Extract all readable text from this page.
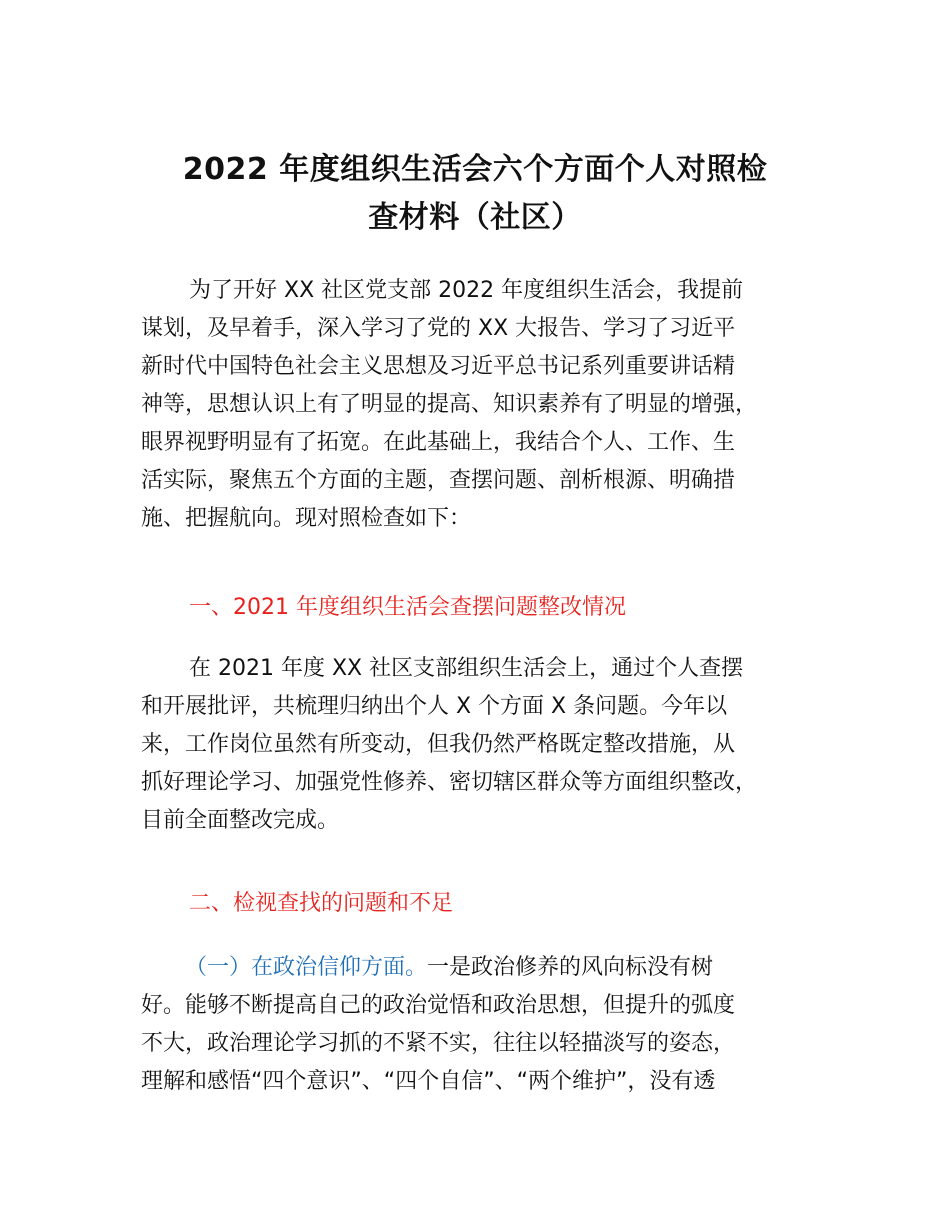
2022 年度组织生活会六个方面个人对照检
查材料（社区）
为了开好 XX 社区党支部 2022 年度组织生活会，我提前
谋划，及早着手，深入学习了党的 XX 大报告、学习了习近平
新时代中国特色社会主义思想及习近平总书记系列重要讲话精
神等，思想认识上有了明显的提高、知识素养有了明显的增强，
眼界视野明显有了拓宽。在此基础上，我结合个人、工作、生
活实际，聚焦五个方面的主题，查摆问题、剖析根源、明确措
施、把握航向。现对照检查如下：
一、2021 年度组织生活会查摆问题整改情况
在 2021 年度 XX 社区支部组织生活会上，通过个人查摆
和开展批评，共梳理归纳出个人 X 个方面 X 条问题。今年以
来，工作岗位虽然有所变动，但我仍然严格既定整改措施，从
抓好理论学习、加强党性修养、密切辖区群众等方面组织整改，
目前全面整改完成。
二、检视查找的问题和不足
（一）在政治信仰方面。一是政治修养的风向标没有树
好。能够不断提高自己的政治觉悟和政治思想，但提升的弧度
不大，政治理论学习抓的不紧不实，往往以轻描淡写的姿态，
理解和感悟“四个意识”、“四个自信”、“两个维护”，没有透
